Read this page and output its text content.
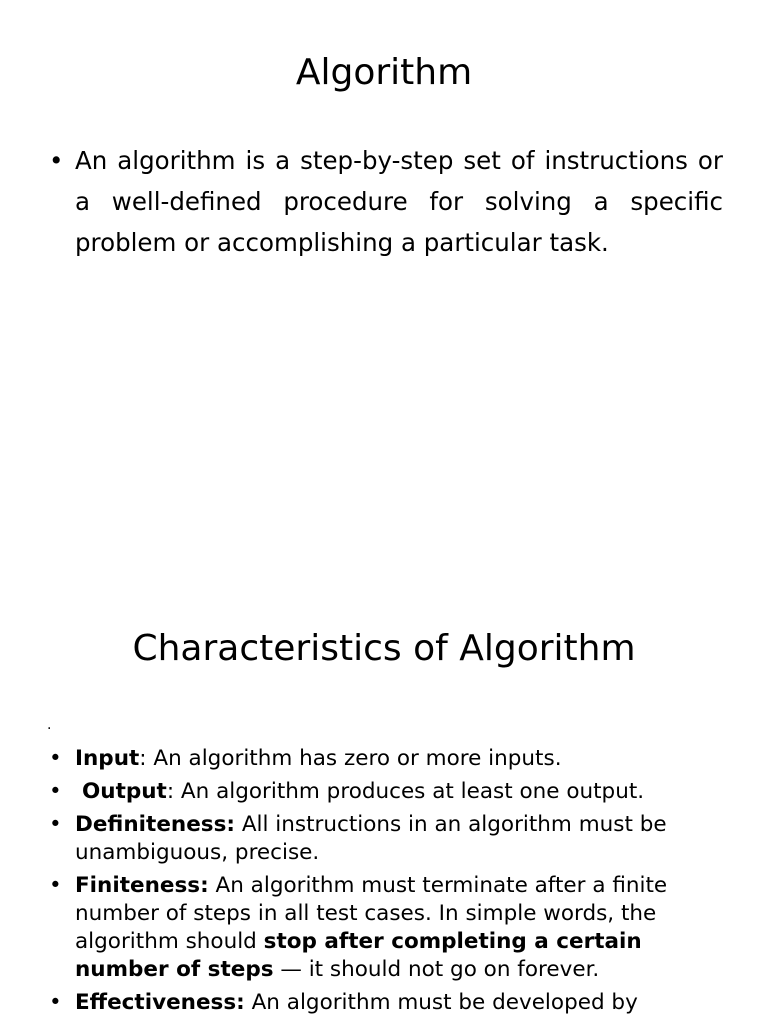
Algorithm
• An algorithm is a step-by-step set of instructions or a well-defined procedure for solving a specific problem or accomplishing a particular task.
Characteristics of Algorithm
.
• Input: An algorithm has zero or more inputs.
• Output: An algorithm produces at least one output.
• Definiteness: All instructions in an algorithm must be unambiguous, precise.
• Finiteness: An algorithm must terminate after a finite number of steps in all test cases. In simple words, the algorithm should stop after completing a certain number of steps — it should not go on forever.
• Effectiveness: An algorithm must be developed by
